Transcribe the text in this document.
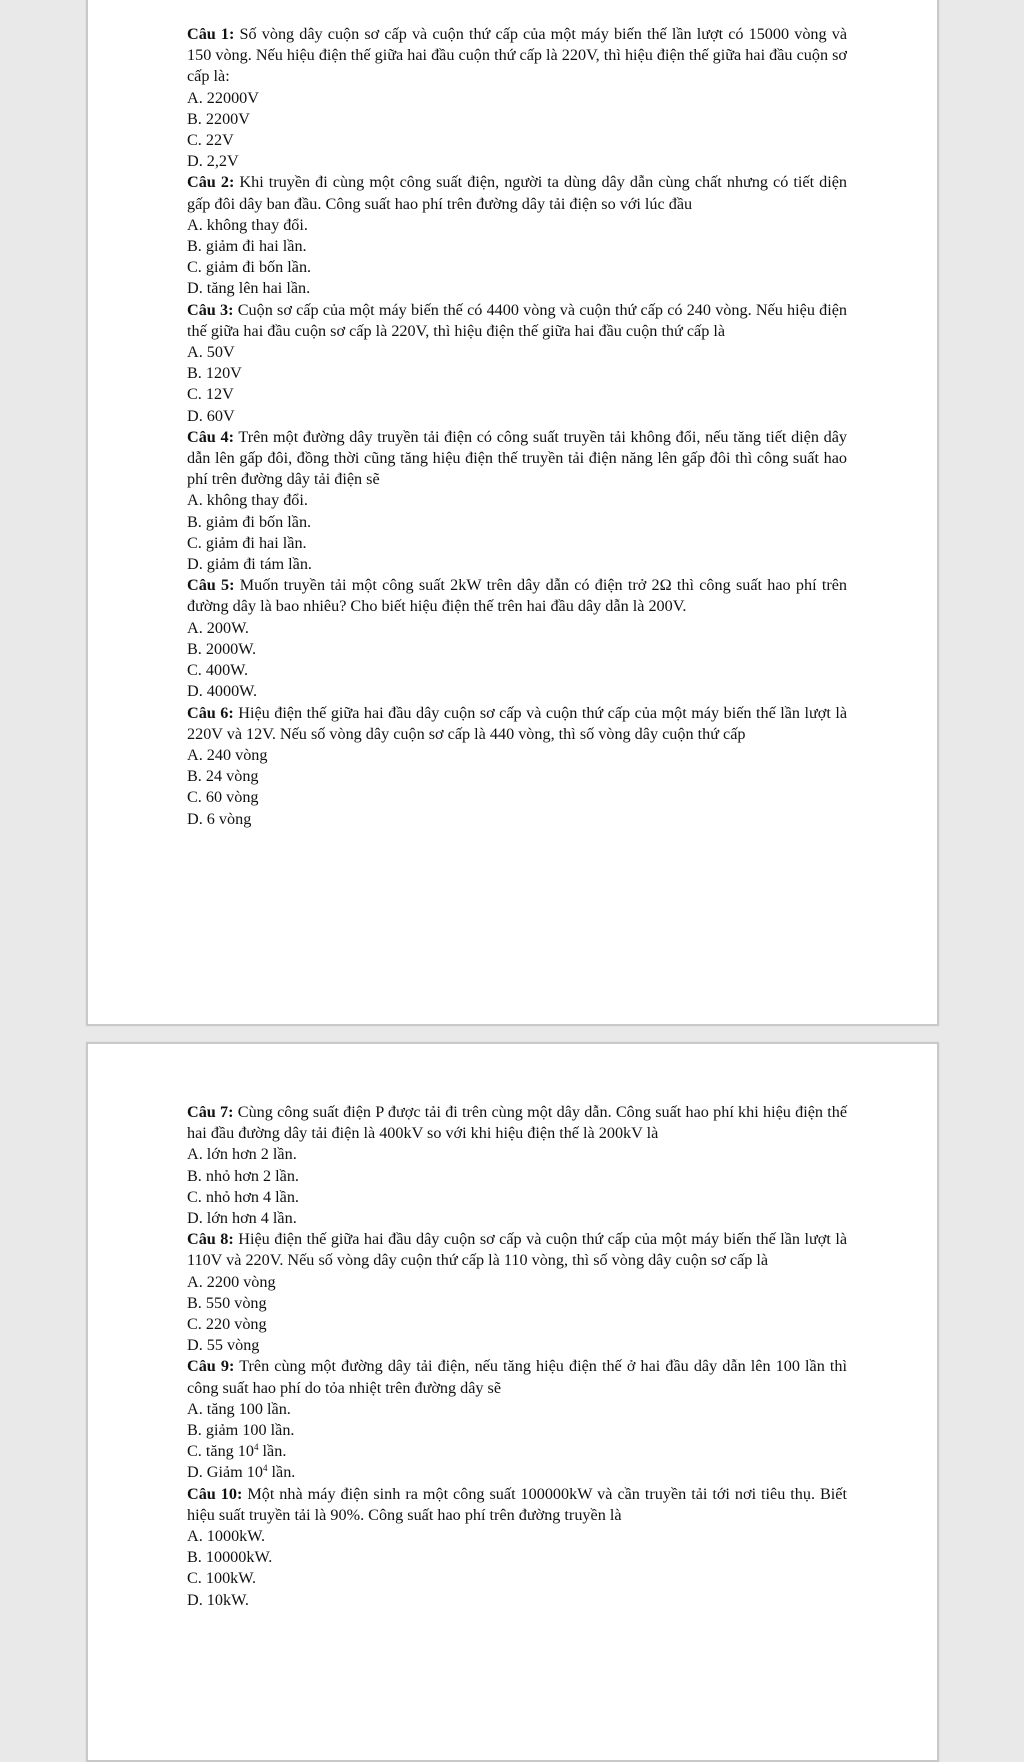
Câu 1: Số vòng dây cuộn sơ cấp và cuộn thứ cấp của một máy biến thế lần lượt có 15000 vòng và 150 vòng. Nếu hiệu điện thế giữa hai đầu cuộn thứ cấp là 220V, thì hiệu điện thế giữa hai đầu cuộn sơ cấp là:
A. 22000V
B. 2200V
C. 22V
D. 2,2V
Câu 2: Khi truyền đi cùng một công suất điện, người ta dùng dây dẫn cùng chất nhưng có tiết diện gấp đôi dây ban đầu. Công suất hao phí trên đường dây tải điện so với lúc đầu
A. không thay đổi.
B. giảm đi hai lần.
C. giảm đi bốn lần.
D. tăng lên hai lần.
Câu 3: Cuộn sơ cấp của một máy biến thế có 4400 vòng và cuộn thứ cấp có 240 vòng. Nếu hiệu điện thế giữa hai đầu cuộn sơ cấp là 220V, thì hiệu điện thế giữa hai đầu cuộn thứ cấp là
A. 50V
B. 120V
C. 12V
D. 60V
Câu 4: Trên một đường dây truyền tải điện có công suất truyền tải không đổi, nếu tăng tiết diện dây dẫn lên gấp đôi, đồng thời cũng tăng hiệu điện thế truyền tải điện năng lên gấp đôi thì công suất hao phí trên đường dây tải điện sẽ
A. không thay đổi.
B. giảm đi bốn lần.
C. giảm đi hai lần.
D. giảm đi tám lần.
Câu 5: Muốn truyền tải một công suất 2kW trên dây dẫn có điện trở 2Ω thì công suất hao phí trên đường dây là bao nhiêu? Cho biết hiệu điện thế trên hai đầu dây dẫn là 200V.
A. 200W.
B. 2000W.
C. 400W.
D. 4000W.
Câu 6: Hiệu điện thế giữa hai đầu dây cuộn sơ cấp và cuộn thứ cấp của một máy biến thế lần lượt là 220V và 12V. Nếu số vòng dây cuộn sơ cấp là 440 vòng, thì số vòng dây cuộn thứ cấp
A. 240 vòng
B. 24 vòng
C. 60 vòng
D. 6 vòng
Câu 7: Cùng công suất điện P được tải đi trên cùng một dây dẫn. Công suất hao phí khi hiệu điện thế hai đầu đường dây tải điện là 400kV so với khi hiệu điện thế là 200kV là
A. lớn hơn 2 lần.
B. nhỏ hơn 2 lần.
C. nhỏ hơn 4 lần.
D. lớn hơn 4 lần.
Câu 8: Hiệu điện thế giữa hai đầu dây cuộn sơ cấp và cuộn thứ cấp của một máy biến thế lần lượt là 110V và 220V. Nếu số vòng dây cuộn thứ cấp là 110 vòng, thì số vòng dây cuộn sơ cấp là
A. 2200 vòng
B. 550 vòng
C. 220 vòng
D. 55 vòng
Câu 9: Trên cùng một đường dây tải điện, nếu tăng hiệu điện thế ở hai đầu dây dẫn lên 100 lần thì công suất hao phí do tỏa nhiệt trên đường dây sẽ
A. tăng 100 lần.
B. giảm 100 lần.
C. tăng $10^4$ lần.
D. Giảm $10^4$ lần.
Câu 10: Một nhà máy điện sinh ra một công suất 100000kW và cần truyền tải tới nơi tiêu thụ. Biết hiệu suất truyền tải là 90%. Công suất hao phí trên đường truyền là
A. 1000kW.
B. 10000kW.
C. 100kW.
D. 10kW.
